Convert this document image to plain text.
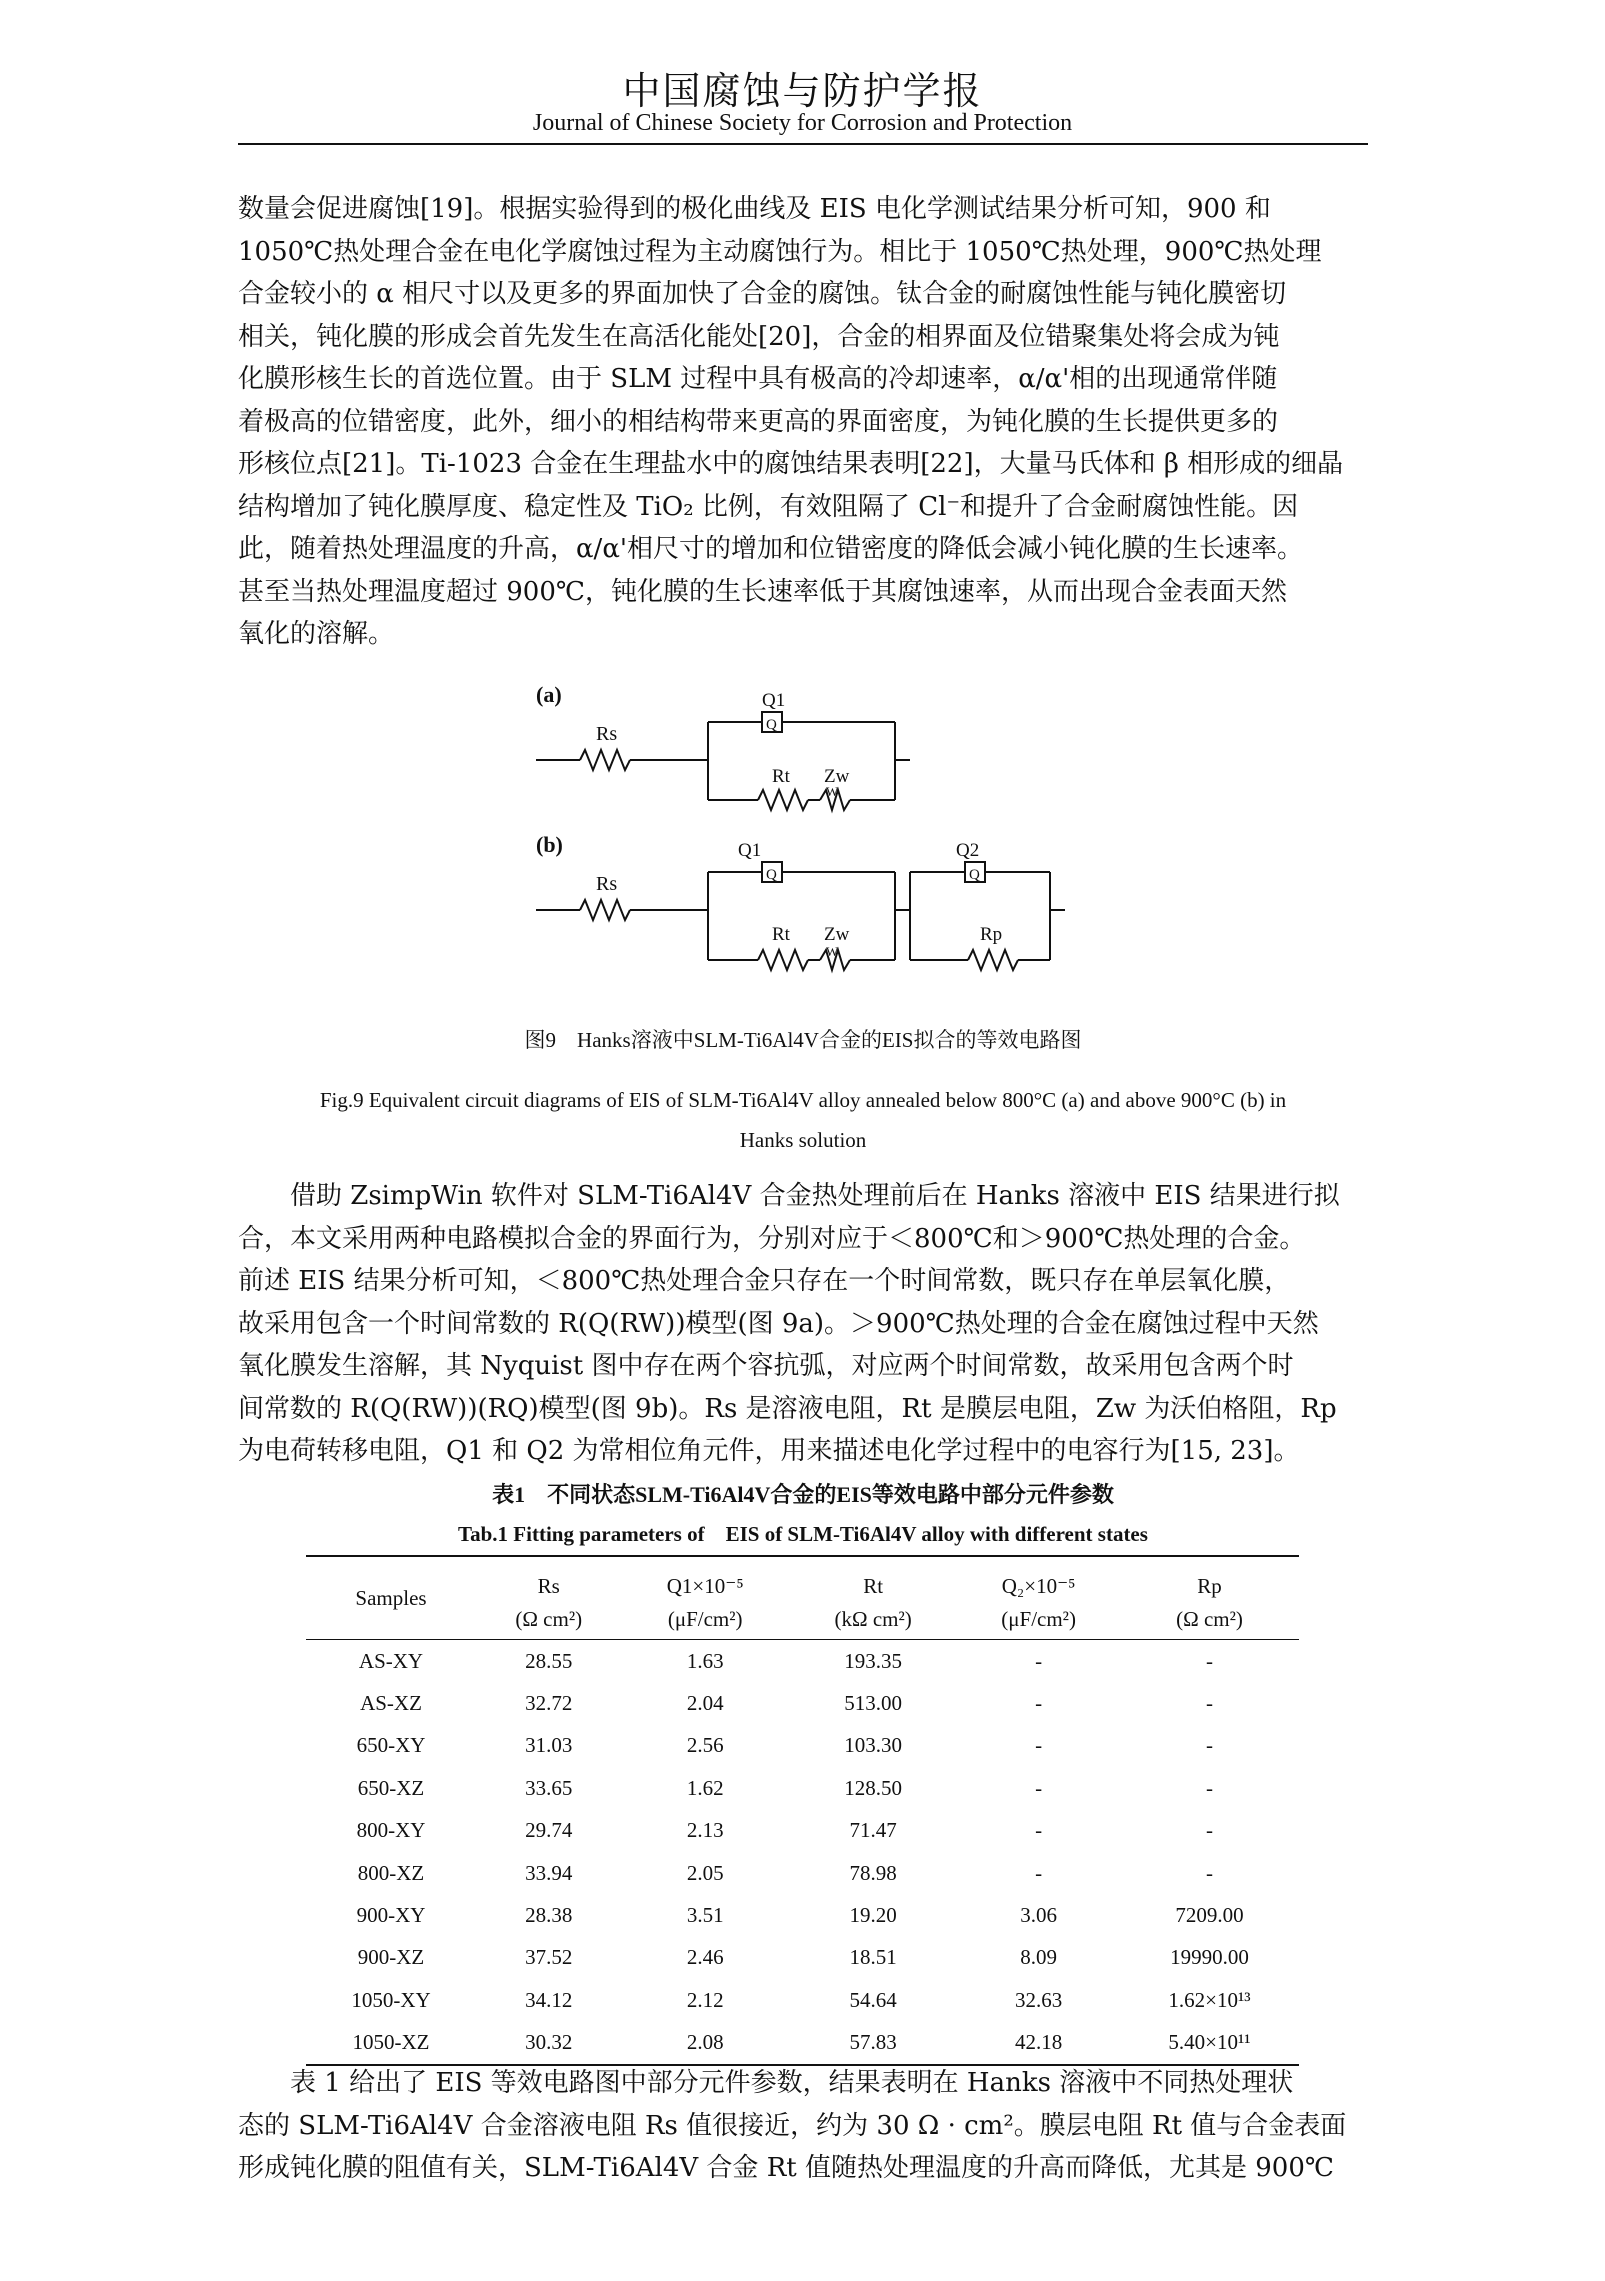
中国腐蚀与防护学报
Journal of Chinese Society for Corrosion and Protection

数量会促进腐蚀[19]。根据实验得到的极化曲线及 EIS 电化学测试结果分析可知，900 和

1050℃热处理合金在电化学腐蚀过程为主动腐蚀行为。相比于 1050℃热处理，900℃热处理

合金较小的 α 相尺寸以及更多的界面加快了合金的腐蚀。钛合金的耐腐蚀性能与钝化膜密切

相关，钝化膜的形成会首先发生在高活化能处[20]，合金的相界面及位错聚集处将会成为钝

化膜形核生长的首选位置。由于 SLM 过程中具有极高的冷却速率，α/α'相的出现通常伴随

着极高的位错密度，此外，细小的相结构带来更高的界面密度，为钝化膜的生长提供更多的

形核位点[21]。Ti-1023 合金在生理盐水中的腐蚀结果表明[22]，大量马氏体和 β 相形成的细晶

结构增加了钝化膜厚度、稳定性及 TiO₂ 比例，有效阻隔了 Cl⁻和提升了合金耐腐蚀性能。因

此，随着热处理温度的升高，α/α'相尺寸的增加和位错密度的降低会减小钝化膜的生长速率。

甚至当热处理温度超过 900℃，钝化膜的生长速率低于其腐蚀速率，从而出现合金表面天然

氧化的溶解。

(a)
Rs	Q
Q1
Rt
W
Zw
(b)
Rs	Q
Q1
Rt
W
Zw
Q
Q2
Rp
图9　Hanks溶液中SLM-Ti6Al4V合金的EIS拟合的等效电路图
Fig.9 Equivalent circuit diagrams of EIS of SLM-Ti6Al4V alloy annealed below 800°C (a) and above 900°C (b) in
Hanks solution

借助 ZsimpWin 软件对 SLM-Ti6Al4V 合金热处理前后在 Hanks 溶液中 EIS 结果进行拟

合，本文采用两种电路模拟合金的界面行为，分别对应于＜800℃和＞900℃热处理的合金。

前述 EIS 结果分析可知，＜800℃热处理合金只存在一个时间常数，既只存在单层氧化膜，

故采用包含一个时间常数的 R(Q(RW))模型(图 9a)。＞900℃热处理的合金在腐蚀过程中天然

氧化膜发生溶解，其 Nyquist 图中存在两个容抗弧，对应两个时间常数，故采用包含两个时

间常数的 R(Q(RW))(RQ)模型(图 9b)。Rs 是溶液电阻，Rt 是膜层电阻，Zw 为沃伯格阻，Rp

为电荷转移电阻，Q1 和 Q2 为常相位角元件，用来描述电化学过程中的电容行为[15, 23]。

表1　不同状态SLM-Ti6Al4V合金的EIS等效电路中部分元件参数
Tab.1 Fitting parameters of　EIS of SLM-Ti6Al4V alloy with different states
Samples	Rs	Q1×10⁻⁵	Rt	Q₂×10⁻⁵	Rp
	(Ω cm²)	(μF/cm²)	(kΩ cm²)	(μF/cm²)	(Ω cm²)
AS-XY	28.55	1.63	193.35	-	-
AS-XZ	32.72	2.04	513.00	-	-
650-XY	31.03	2.56	103.30	-	-
650-XZ	33.65	1.62	128.50	-	-
800-XY	29.74	2.13	71.47	-	-
800-XZ	33.94	2.05	78.98	-	-
900-XY	28.38	3.51	19.20	3.06	7209.00
900-XZ	37.52	2.46	18.51	8.09	19990.00
1050-XY	34.12	2.12	54.64	32.63	1.62×10¹³
1050-XZ	30.32	2.08	57.83	42.18	5.40×10¹¹

表 1 给出了 EIS 等效电路图中部分元件参数，结果表明在 Hanks 溶液中不同热处理状

态的 SLM-Ti6Al4V 合金溶液电阻 Rs 值很接近，约为 30 Ω · cm²。膜层电阻 Rt 值与合金表面

形成钝化膜的阻值有关，SLM-Ti6Al4V 合金 Rt 值随热处理温度的升高而降低，尤其是 900℃
